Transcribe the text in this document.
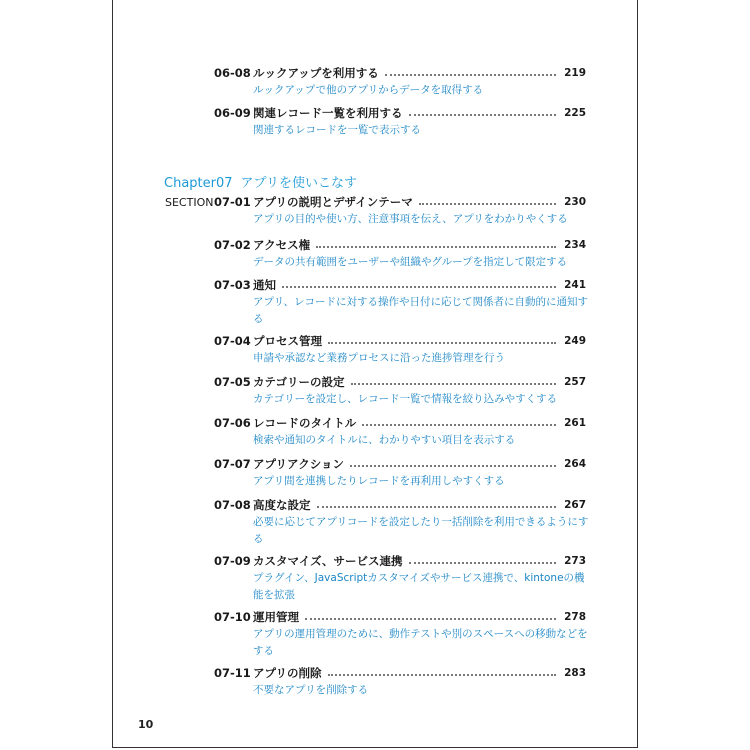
Chapter07 アプリを使いこなす
06-08 ルックアップを利用する	219
ルックアップで他のアプリからデータを取得する
06-09 関連レコード一覧を利用する	225
関連するレコードを一覧で表示する
SECTION 07-01 アプリの説明とデザインテーマ	230
アプリの目的や使い方、注意事項を伝え、アプリをわかりやくする
07-02 アクセス権	234
データの共有範囲をユーザーや組織やグループを指定して限定する
07-03 通知	241
アプリ、レコードに対する操作や日付に応じて関係者に自動的に通知する
07-04 プロセス管理	249
申請や承認など業務プロセスに沿った進捗管理を行う
07-05 カテゴリーの設定	257
カテゴリーを設定し、レコード一覧で情報を絞り込みやすくする
07-06 レコードのタイトル	261
検索や通知のタイトルに、わかりやすい項目を表示する
07-07 アプリアクション	264
アプリ間を連携したりレコードを再利用しやすくする
07-08 高度な設定	267
必要に応じてアプリコードを設定したり一括削除を利用できるようにする
07-09 カスタマイズ、サービス連携	273
プラグイン、JavaScriptカスタマイズやサービス連携で、kintoneの機能を拡張
07-10 運用管理	278
アプリの運用管理のために、動作テストや別のスペースへの移動などをする
07-11 アプリの削除	283
不要なアプリを削除する
10
